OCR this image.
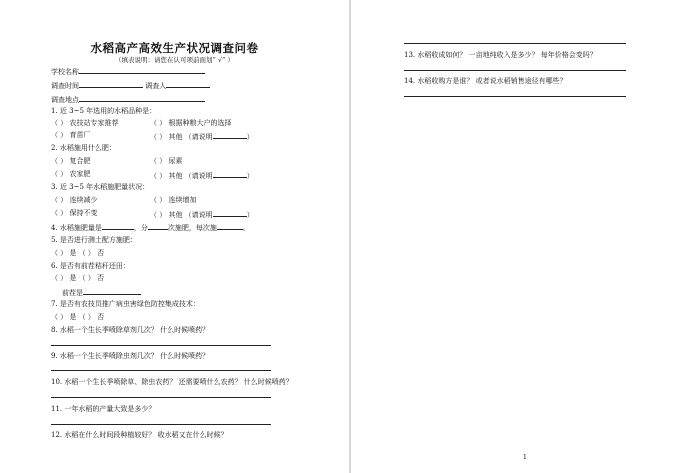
水稻高产高效生产状况调查问卷
（填表说明：请您在认可项前面划“ √” ）
学校名称
调查时间	调查人
调查地点
1. 近 3~5 年选用的水稻品种是：
（ ） 农技站专家推荐	（ ） 根据种粮大户的选择
（ ） 育苗厂	（ ） 其他 （请说明	）
2. 水稻施用什么肥：
（ ） 复合肥	（ ） 尿素
（ ） 农家肥	（ ） 其他 （请说明	）
3. 近 3~5 年水稻施肥量状况：
（ ） 连续减少	（ ） 连续增加
（ ） 保持不变	（ ） 其他 （请说明	）
4. 水稻施肥量是	，分	次施肥，每次施	。
5. 是否进行测土配方施肥：
（ ） 是 （ ） 否
6. 是否有前茬秸秆还田：
（ ） 是 （ ） 否
前茬是
7. 是否有农技员推广病虫害绿色防控集成技术：
（ ） 是 （ ） 否
8. 水稻一个生长季喷除草剂几次？ 什么时候喷药？
9. 水稻一个生长季喷除虫剂几次？ 什么时候喷药？
10. 水稻一个生长季喷除草、除虫农药？ 还需要喷什么农药？ 什么时候喷药？
11. 一年水稻的产量大致是多少？
12. 水稻在什么时间段种植较好？ 收水稻又在什么时候？
13. 水稻收成如何？ 一亩地纯收入是多少？ 每年价格会变吗？
14. 水稻收购方是谁？ 或者说水稻销售途径有哪些？
1
